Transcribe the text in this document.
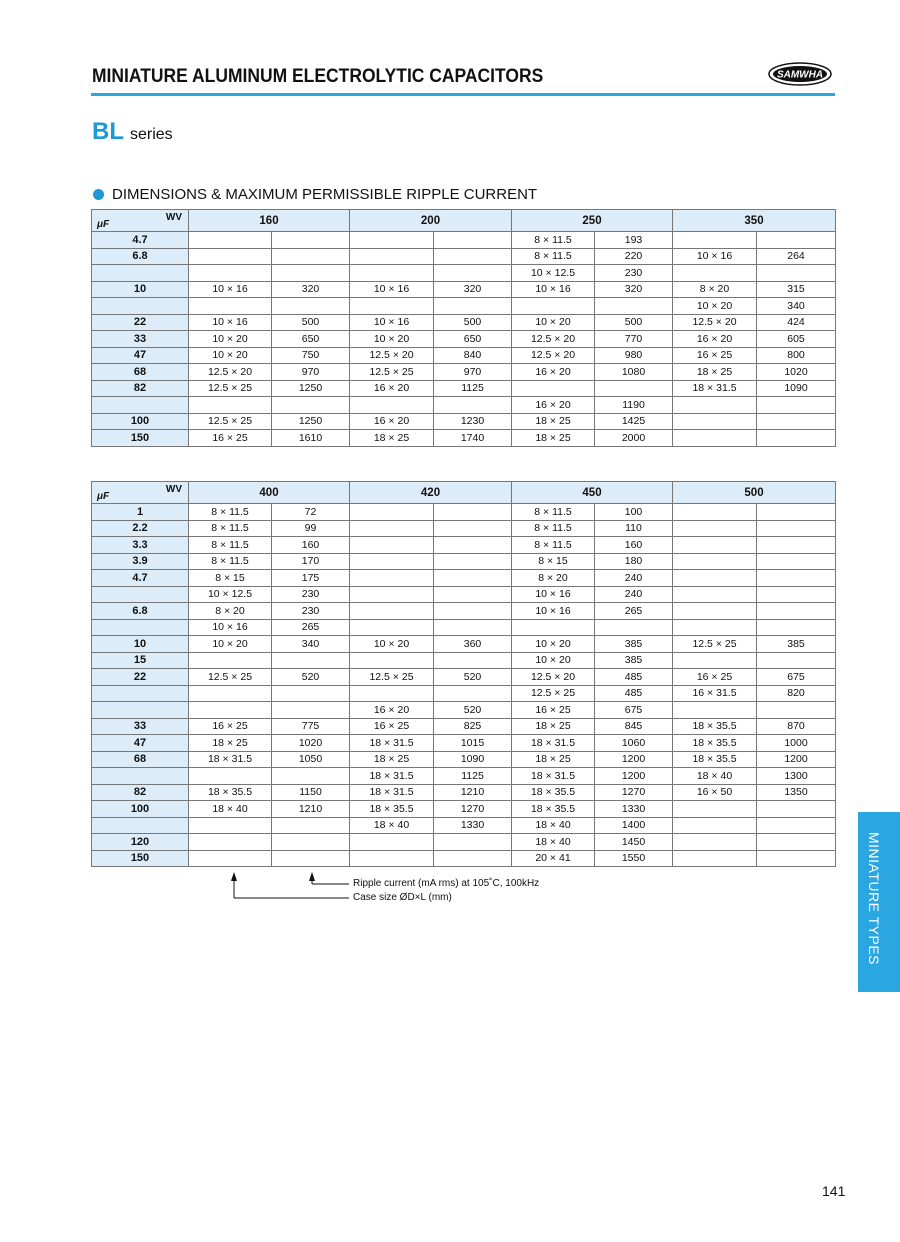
MINIATURE ALUMINUM ELECTROLYTIC CAPACITORS	SAMWHA
BL series
DIMENSIONS & MAXIMUM PERMISSIBLE RIPPLE CURRENT
WV
μF	160		200		250		350	
4.7					8 × 11.5	193		
6.8					8 × 11.5	220	10 × 16	264
					10 × 12.5	230		
10	10 × 16	320	10 × 16	320	10 × 16	320	8 × 20	315
							10 × 20	340
22	10 × 16	500	10 × 16	500	10 × 20	500	12.5 × 20	424
33	10 × 20	650	10 × 20	650	12.5 × 20	770	16 × 20	605
47	10 × 20	750	12.5 × 20	840	12.5 × 20	980	16 × 25	800
68	12.5 × 20	970	12.5 × 25	970	16 × 20	1080	18 × 25	1020
82	12.5 × 25	1250	16 × 20	1125			18 × 31.5	1090
					16 × 20	1190		
100	12.5 × 25	1250	16 × 20	1230	18 × 25	1425		
150	16 × 25	1610	18 × 25	1740	18 × 25	2000		
WV
μF	400		420		450		500	
1	8 × 11.5	72			8 × 11.5	100		
2.2	8 × 11.5	99			8 × 11.5	110		
3.3	8 × 11.5	160			8 × 11.5	160		
3.9	8 × 11.5	170			8 × 15	180		
4.7	8 × 15	175			8 × 20	240		
	10 × 12.5	230			10 × 16	240		
6.8	8 × 20	230			10 × 16	265		
	10 × 16	265						
10	10 × 20	340	10 × 20	360	10 × 20	385	12.5 × 25	385
15					10 × 20	385		
22	12.5 × 25	520	12.5 × 25	520	12.5 × 20	485	16 × 25	675
					12.5 × 25	485	16 × 31.5	820
			16 × 20	520	16 × 25	675		
33	16 × 25	775	16 × 25	825	18 × 25	845	18 × 35.5	870
47	18 × 25	1020	18 × 31.5	1015	18 × 31.5	1060	18 × 35.5	1000
68	18 × 31.5	1050	18 × 25	1090	18 × 25	1200	18 × 35.5	1200
			18 × 31.5	1125	18 × 31.5	1200	18 × 40	1300
82	18 × 35.5	1150	18 × 31.5	1210	18 × 35.5	1270	16 × 50	1350
100	18 × 40	1210	18 × 35.5	1270	18 × 35.5	1330		
			18 × 40	1330	18 × 40	1400		
120					18 × 40	1450		
150					20 × 41	1550		
Ripple current (mA rms) at 105˚C, 100kHz
Case size ØD×L (mm)	MINIATURE TYPES
141
